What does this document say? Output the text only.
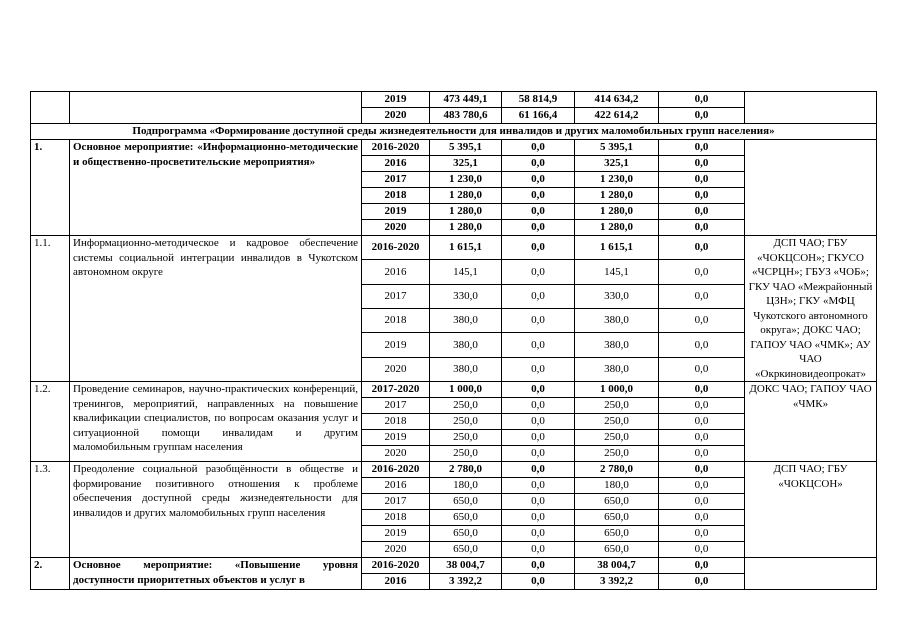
		2019	473 449,1	58 814,9	414 634,2	0,0	
		2020	483 780,6	61 166,4	422 614,2	0,0	
Подпрограмма «Формирование доступной среды жизнедеятельности для инвалидов и других маломобильных групп населения»							
1.	Основное мероприятие: «Информационно-методические и общественно-просветительские мероприятия»	2016-2020	5 395,1	0,0	5 395,1	0,0	
		2016	325,1	0,0	325,1	0,0	
		2017	1 230,0	0,0	1 230,0	0,0	
		2018	1 280,0	0,0	1 280,0	0,0	
		2019	1 280,0	0,0	1 280,0	0,0	
		2020	1 280,0	0,0	1 280,0	0,0	
1.1.	Информационно-методическое и кадровое обеспечение системы социальной интеграции инвалидов в Чукотском автономном округе	2016-2020	1 615,1	0,0	1 615,1	0,0	ДСП ЧАО; ГБУ «ЧОКЦСОН»; ГКУСО «ЧСРЦН»; ГБУЗ «ЧОБ»; ГКУ ЧАО «Межрайонный ЦЗН»; ГКУ «МФЦ Чукотского автономного округа»; ДОКС ЧАО; ГАПОУ ЧАО «ЧМК»; АУ ЧАО «Окркиновидеопрокат»
		2016	145,1	0,0	145,1	0,0	
		2017	330,0	0,0	330,0	0,0	
		2018	380,0	0,0	380,0	0,0	
		2019	380,0	0,0	380,0	0,0	
		2020	380,0	0,0	380,0	0,0	
1.2.	Проведение семинаров, научно-практических конференций, тренингов, мероприятий, направленных на повышение квалификации специалистов, по вопросам оказания услуг и ситуационной помощи инвалидам и другим маломобильным группам населения	2017-2020	1 000,0	0,0	1 000,0	0,0	ДОКС ЧАО; ГАПОУ ЧАО «ЧМК»
		2017	250,0	0,0	250,0	0,0	
		2018	250,0	0,0	250,0	0,0	
		2019	250,0	0,0	250,0	0,0	
		2020	250,0	0,0	250,0	0,0	
1.3.	Преодоление социальной разобщённости в обществе и формирование позитивного отношения к проблеме обеспечения доступной среды жизнедеятельности для инвалидов и других маломобильных групп населения	2016-2020	2 780,0	0,0	2 780,0	0,0	ДСП ЧАО; ГБУ «ЧОКЦСОН»
		2016	180,0	0,0	180,0	0,0	
		2017	650,0	0,0	650,0	0,0	
		2018	650,0	0,0	650,0	0,0	
		2019	650,0	0,0	650,0	0,0	
		2020	650,0	0,0	650,0	0,0	
2.	Основное мероприятие: «Повышение уровня доступности приоритетных объектов и услуг в	2016-2020	38 004,7	0,0	38 004,7	0,0	
		2016	3 392,2	0,0	3 392,2	0,0	
